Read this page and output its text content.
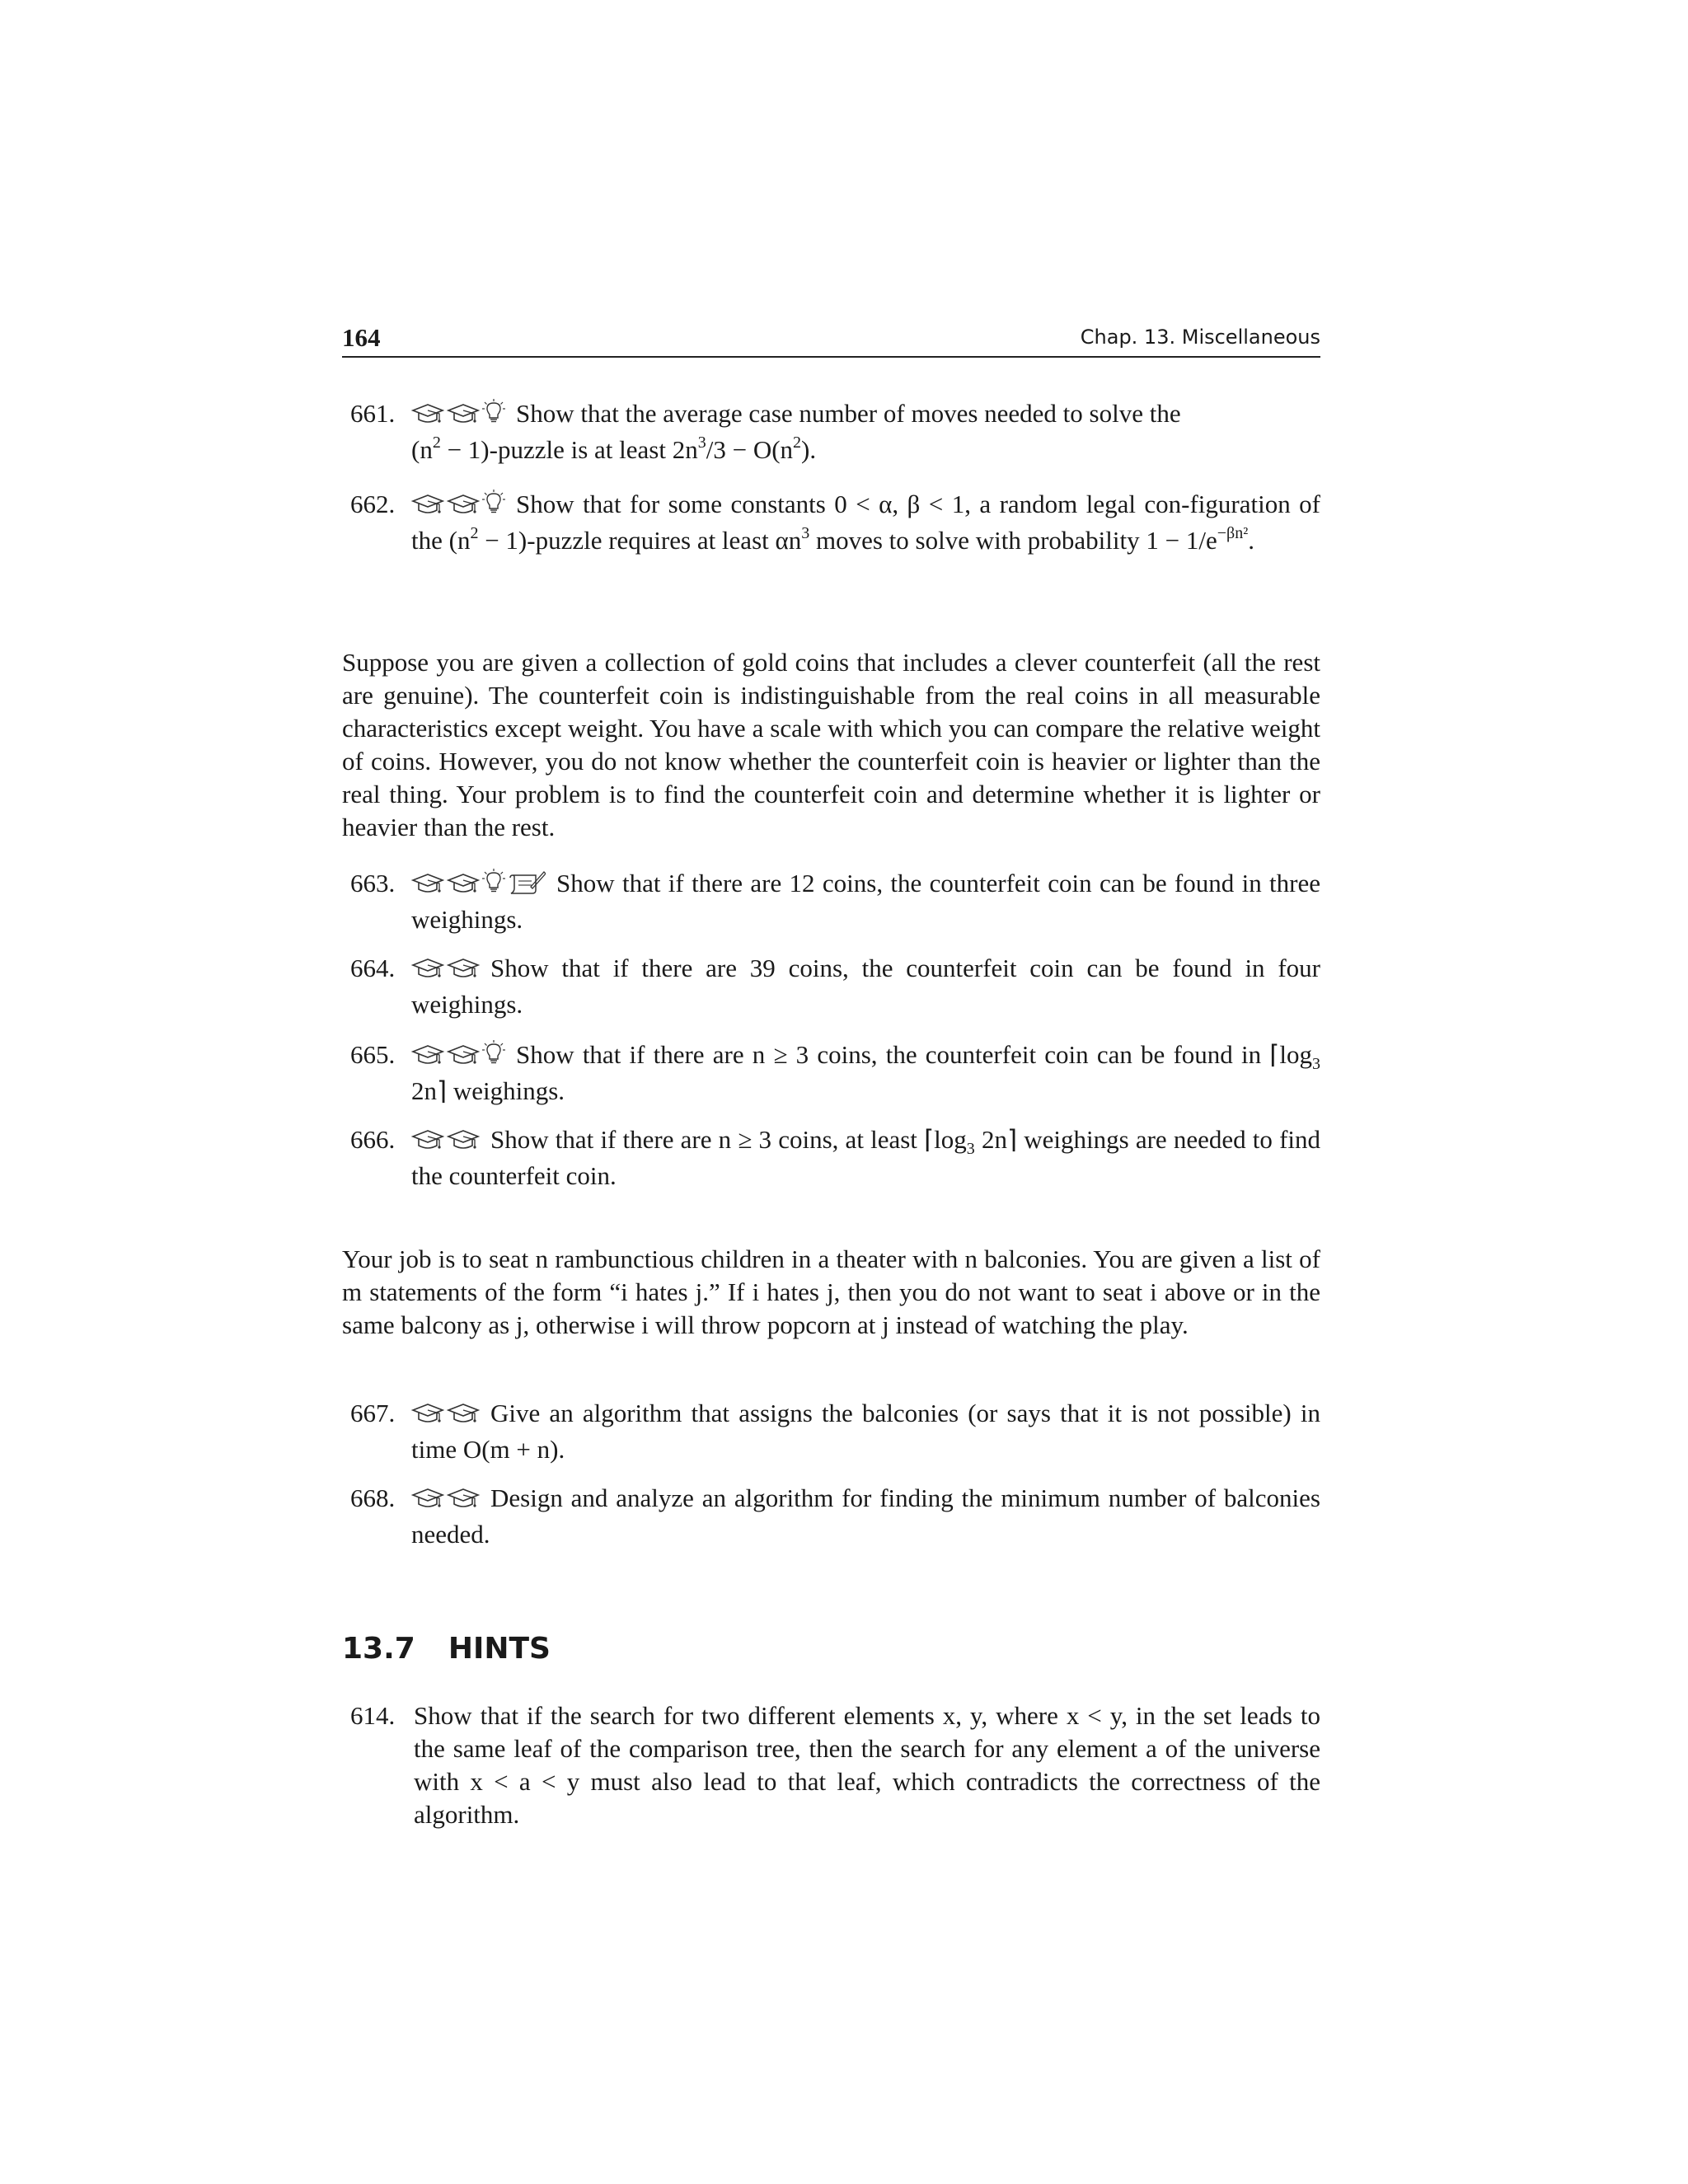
164	Chap. 13. Miscellaneous
661.	Show that the average case number of moves needed to solve the
($n^2$ − 1)-puzzle is at least $2n^3/3 - O(n^2)$.
662.	Show that for some constants 0 < α, β < 1, a random legal con-figuration of the ($n^2$ − 1)-puzzle requires at least $\alpha n^3$ moves to solve with probability $1 - 1/e^{-\beta n^2}$.
Suppose you are given a collection of gold coins that includes a clever counterfeit (all the rest are genuine). The counterfeit coin is indistinguishable from the real coins in all measurable characteristics except weight. You have a scale with which you can compare the relative weight of coins. However, you do not know whether the counterfeit coin is heavier or lighter than the real thing. Your problem is to find the counterfeit coin and determine whether it is lighter or heavier than the rest.
663.	Show that if there are 12 coins, the counterfeit coin can be found in three weighings.
664.	Show that if there are 39 coins, the counterfeit coin can be found in four weighings.
665.	Show that if there are n ≥ 3 coins, the counterfeit coin can be found in $⌈\log_3$ 2n⌉ weighings.
666.	Show that if there are n ≥ 3 coins, at least $⌈\log_3$ 2n⌉ weighings are needed to find the counterfeit coin.
Your job is to seat n rambunctious children in a theater with n balconies. You are given a list of m statements of the form “i hates j.” If i hates j, then you do not want to seat i above or in the same balcony as j, otherwise i will throw popcorn at j instead of watching the play.
667.	Give an algorithm that assigns the balconies (or says that it is not possible) in time O(m + n).
668.	Design and analyze an algorithm for finding the minimum number of balconies needed.
13.7 HINTS
614. Show that if the search for two different elements x, y, where x < y, in the set leads to the same leaf of the comparison tree, then the search for any element a of the universe with x < a < y must also lead to that leaf, which contradicts the correctness of the algorithm.
